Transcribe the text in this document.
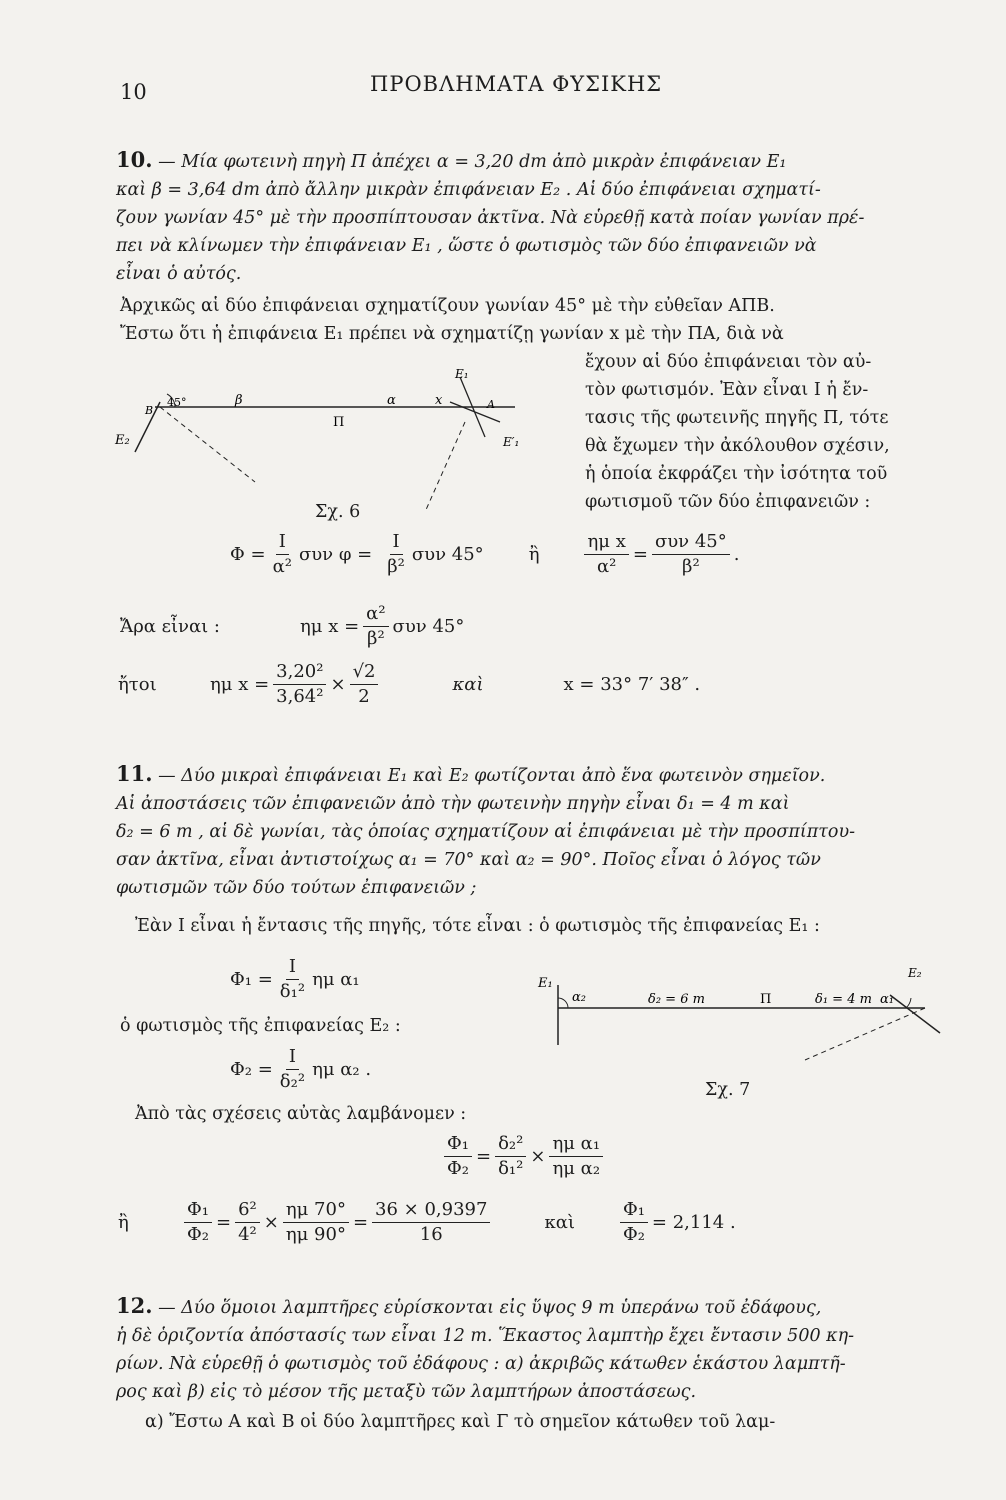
10	ΠΡΟΒΛΗΜΑΤΑ ΦΥΣΙΚΗΣ
10. — Μία φωτεινὴ πηγὴ Π ἀπέχει α = 3,20 dm ἀπὸ μικρὰν ἐπιφάνειαν E₁
καὶ β = 3,64 dm ἀπὸ ἄλλην μικρὰν ἐπιφάνειαν E₂ . Αἱ δύο ἐπιφάνειαι σχηματί-
ζουν γωνίαν 45° μὲ τὴν προσπίπτουσαν ἀκτῖνα. Νὰ εὑρεθῇ κατὰ ποίαν γωνίαν πρέ-
πει νὰ κλίνωμεν τὴν ἐπιφάνειαν E₁ , ὥστε ὁ φωτισμὸς τῶν δύο ἐπιφανειῶν νὰ
εἶναι ὁ αὐτός.
Ἀρχικῶς αἱ δύο ἐπιφάνειαι σχηματίζουν γωνίαν 45° μὲ τὴν εὐθεῖαν ΑΠΒ.
Ἔστω ὅτι ἡ ἐπιφάνεια E₁ πρέπει νὰ σχηματίζῃ γωνίαν x μὲ τὴν ΠΑ, διὰ νὰ
ἔχουν αἱ δύο ἐπιφάνειαι τὸν αὐ-
τὸν φωτισμόν. Ἐὰν εἶναι I ἡ ἔν-
τασις τῆς φωτεινῆς πηγῆς Π, τότε
θὰ ἔχωμεν τὴν ἀκόλουθον σχέσιν,
ἡ ὁποία ἐκφράζει τὴν ἰσότητα τοῦ
φωτισμοῦ τῶν δύο ἐπιφανειῶν :
E₂
B
45°	β
Π
α	x	A
E₁
E′₁
Σχ. 6
$\Phi = \frac{I}{\text{α²}}$ συν $\varphi = \frac{I}{\text{β²}}$ συν 45°	ἢ	$\frac{\text{ημ x}}{\text{α²}} = \frac{\text{συν 45°}}{\text{β²}}$ .
Ἄρα εἶναι :	ημ $x = \frac{\text{α²}}{\text{β²}}$ συν 45°
ἤτοι	ημ $x = \frac{\text{3,20²}}{\text{3,64²}} \times \frac{√2}{2}$	καὶ	x = 33° 7′ 38″ .
11. — Δύο μικραὶ ἐπιφάνειαι E₁ καὶ E₂ φωτίζονται ἀπὸ ἕνα φωτεινὸν σημεῖον.
Αἱ ἀποστάσεις τῶν ἐπιφανειῶν ἀπὸ τὴν φωτεινὴν πηγὴν εἶναι δ₁ = 4 m καὶ
δ₂ = 6 m , αἱ δὲ γωνίαι, τὰς ὁποίας σχηματίζουν αἱ ἐπιφάνειαι μὲ τὴν προσπίπτου-
σαν ἀκτῖνα, εἶναι ἀντιστοίχως α₁ = 70° καὶ α₂ = 90°. Ποῖος εἶναι ὁ λόγος τῶν
φωτισμῶν τῶν δύο τούτων ἐπιφανειῶν ;
Ἐὰν I εἶναι ἡ ἔντασις τῆς πηγῆς, τότε εἶναι : ὁ φωτισμὸς τῆς ἐπιφανείας E₁ :
$\Phi_1 = \frac{I}{\text{δ₁²}}$ ημ α₁
ὁ φωτισμὸς τῆς ἐπιφανείας E₂ :
$\Phi_2 = \frac{I}{\text{δ₂²}}$ ημ α₂ .
Ἀπὸ τὰς σχέσεις αὐτὰς λαμβάνομεν :
E₁
α₂	δ₂ = 6 m	Π	δ₁ = 4 m α₁
E₂
Σχ. 7
$\frac{\text{Φ₁}}{\text{Φ₂}} = \frac{\text{δ₂²}}{\text{δ₁²}} \times \frac{\text{ημ α₁}}{\text{ημ α₂}}$
ἢ	$\frac{\text{Φ₁}}{\text{Φ₂}} = \frac{\text{6²}}{\text{4²}} \times \frac{\eta\mu 70^\circ}{\eta\mu 90^\circ} = \frac{36 \times 0,9397}{16}$	καὶ	$\frac{\text{Φ₁}}{\text{Φ₂}} = 2,114$ .
12. — Δύο ὅμοιοι λαμπτῆρες εὑρίσκονται εἰς ὕψος 9 m ὑπεράνω τοῦ ἐδάφους,
ἡ δὲ ὁριζοντία ἀπόστασίς των εἶναι 12 m. Ἕκαστος λαμπτὴρ ἔχει ἔντασιν 500 κη-
ρίων. Νὰ εὑρεθῇ ὁ φωτισμὸς τοῦ ἐδάφους : α) ἀκριβῶς κάτωθεν ἑκάστου λαμπτῆ-
ρος καὶ β) εἰς τὸ μέσον τῆς μεταξὺ τῶν λαμπτήρων ἀποστάσεως.
α) Ἔστω Α καὶ Β οἱ δύο λαμπτῆρες καὶ Γ τὸ σημεῖον κάτωθεν τοῦ λαμ-
